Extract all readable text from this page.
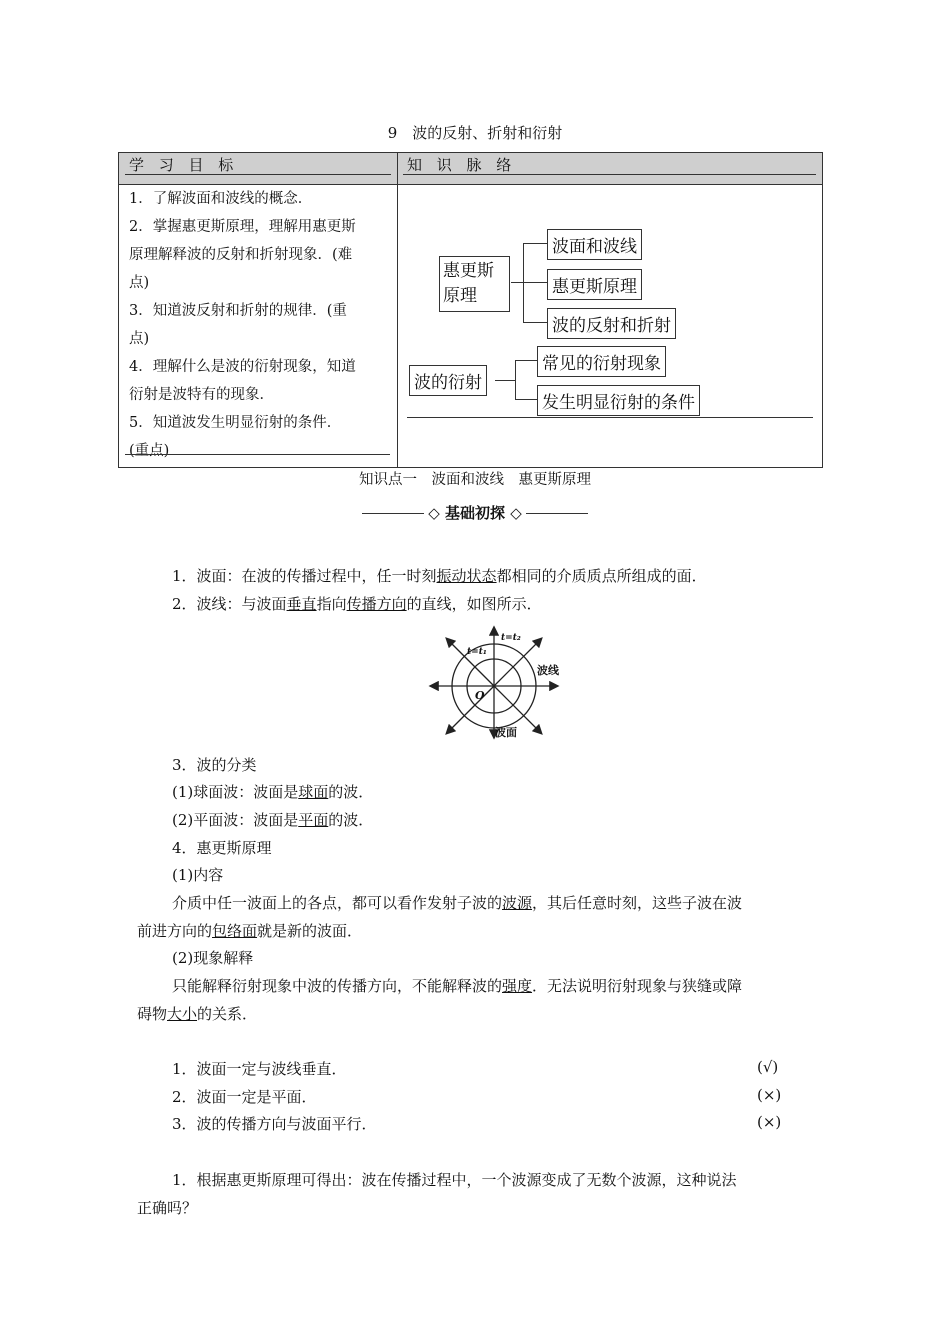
9　波的反射、折射和衍射
学 习 目 标	知 识 脉 络
1．了解波面和波线的概念．
2．掌握惠更斯原理，理解用惠更斯
原理解释波的反射和折射现象．(难
点)
3．知道波反射和折射的规律．(重
点)
4．理解什么是波的衍射现象，知道
衍射是波特有的现象．
5．知道波发生明显衍射的条件．
(重点)
惠更斯
原理
波面和波线
惠更斯原理
波的反射和折射
波的衍射
常见的衍射现象
发生明显衍射的条件
知识点一　波面和波线　惠更斯原理
◇ 基础初探 ◇
1．波面：在波的传播过程中，任一时刻振动状态都相同的介质质点所组成的面．
2．波线：与波面垂直指向传播方向的直线，如图所示．
t=t₁
t=t₂
波线
波面
O
3．波的分类
(1)球面波：波面是球面的波．
(2)平面波：波面是平面的波．
4．惠更斯原理
(1)内容
介质中任一波面上的各点，都可以看作发射子波的波源，其后任意时刻，这些子波在波
前进方向的包络面就是新的波面．
(2)现象解释
只能解释衍射现象中波的传播方向，不能解释波的强度．无法说明衍射现象与狭缝或障
碍物大小的关系．
1．波面一定与波线垂直．	(√)
2．波面一定是平面．	(×)
3．波的传播方向与波面平行．	(×)
1．根据惠更斯原理可得出：波在传播过程中，一个波源变成了无数个波源，这种说法
正确吗？
